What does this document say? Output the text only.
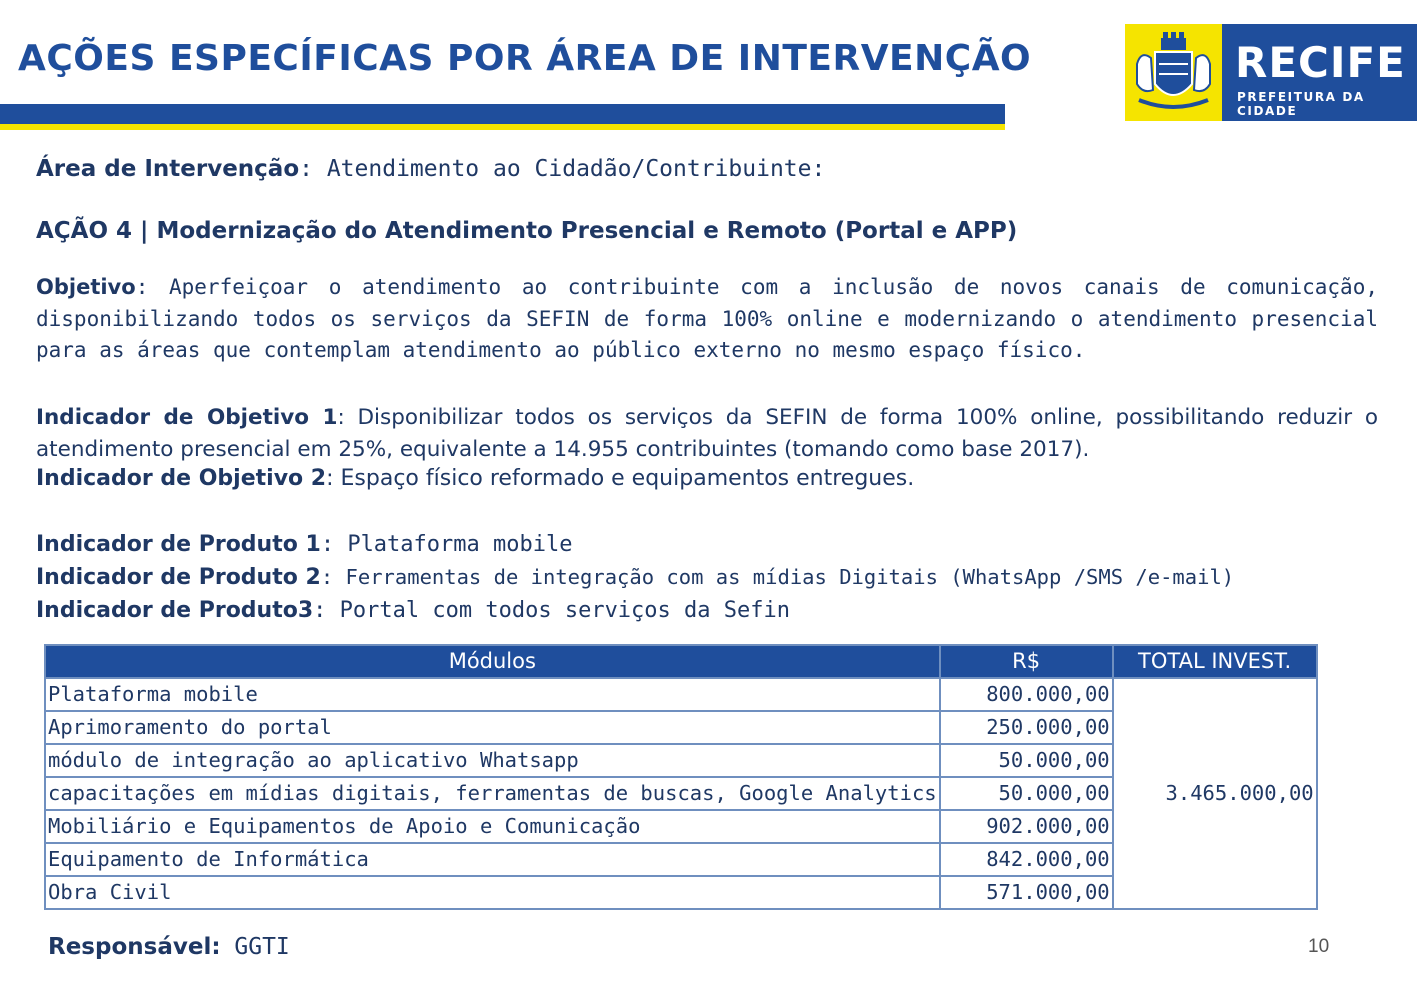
AÇÕES ESPECÍFICAS POR ÁREA DE INTERVENÇÃO	RECIFE
PREFEITURA DA CIDADE
Área de Intervenção: Atendimento ao Cidadão/Contribuinte:
AÇÃO 4 | Modernização do Atendimento Presencial e Remoto (Portal e APP)
Objetivo: Aperfeiçoar o atendimento ao contribuinte com a inclusão de novos canais de comunicação, disponibilizando todos os serviços da SEFIN de forma 100% online e modernizando o atendimento presencial para as áreas que contemplam atendimento ao público externo no mesmo espaço físico.
Indicador de Objetivo 1: Disponibilizar todos os serviços da SEFIN de forma 100% online, possibilitando reduzir o atendimento presencial em 25%, equivalente a 14.955 contribuintes (tomando como base 2017).
Indicador de Objetivo 2: Espaço físico reformado e equipamentos entregues.
Indicador de Produto 1: Plataforma mobile
Indicador de Produto 2: Ferramentas de integração com as mídias Digitais (WhatsApp /SMS /e-mail)
Indicador de Produto3: Portal com todos serviços da Sefin
Módulos	R$	TOTAL INVEST.
Plataforma mobile	800.000,00	3.465.000,00
Aprimoramento do portal	250.000,00	
módulo de integração ao aplicativo Whatsapp	50.000,00	
capacitações em mídias digitais, ferramentas de buscas, Google Analytics	50.000,00	
Mobiliário e Equipamentos de Apoio e Comunicação	902.000,00	
Equipamento de Informática	842.000,00	
Obra Civil	571.000,00	
Responsável: GGTI	10
